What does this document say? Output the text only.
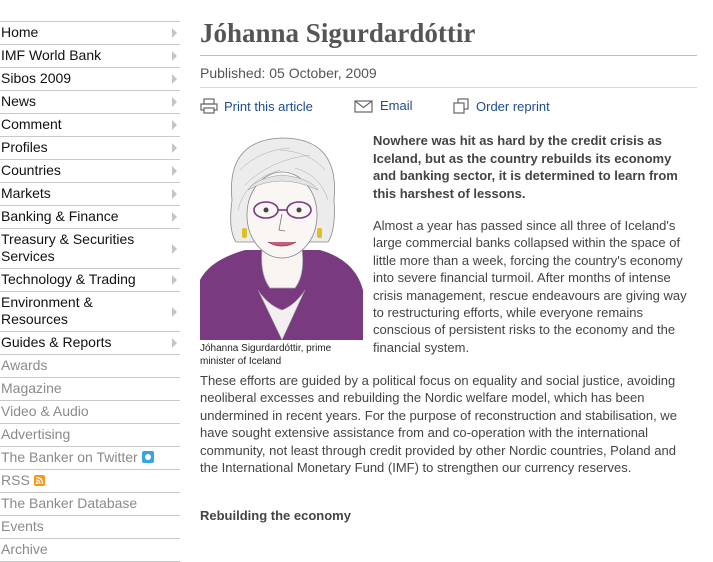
Home
IMF World Bank
Sibos 2009
News
Comment
Profiles
Countries
Markets
Banking & Finance
Treasury & Securities Services
Technology & Trading
Environment & Resources
Guides & Reports
Awards
Magazine
Video & Audio
Advertising
The Banker on Twitter
RSS
The Banker Database
Events
Archive
Jóhanna Sigurdardóttir
Published: 05 October, 2009
Print this article	Email	Order reprint
Jóhanna Sigurdardóttir, prime minister of Iceland
Nowhere was hit as hard by the credit crisis as Iceland, but as the country rebuilds its economy and banking sector, it is determined to learn from this harshest of lessons.
Almost a year has passed since all three of Iceland's large commercial banks collapsed within the space of little more than a week, forcing the country's economy into severe financial turmoil. After months of intense crisis management, rescue endeavours are giving way to restructuring efforts, while everyone remains conscious of persistent risks to the economy and the financial system.
These efforts are guided by a political focus on equality and social justice, avoiding neoliberal excesses and rebuilding the Nordic welfare model, which has been undermined in recent years. For the purpose of reconstruction and stabilisation, we have sought extensive assistance from and co-operation with the international community, not least through credit provided by other Nordic countries, Poland and the International Monetary Fund (IMF) to strengthen our currency reserves.
Rebuilding the economy
